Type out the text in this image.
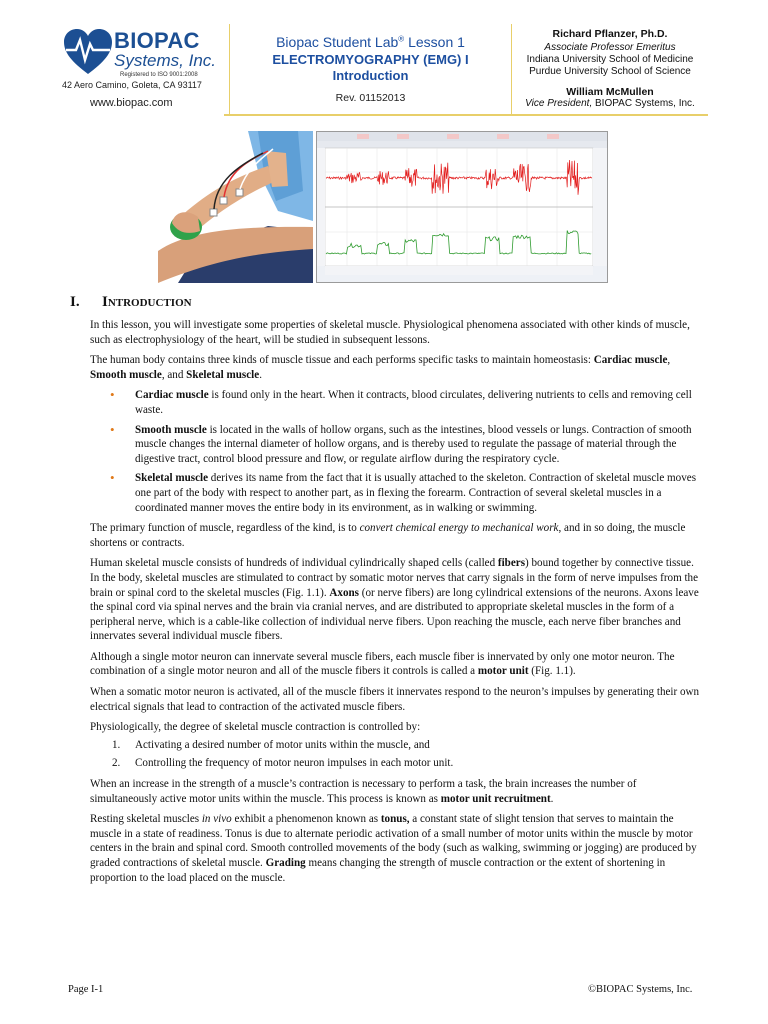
BIOPAC
Systems, Inc.
Registered to ISO 9001:2008
42 Aero Camino, Goleta, CA 93117
www.biopac.com
Biopac Student Lab® Lesson 1
ELECTROMYOGRAPHY (EMG) I
Introduction
Rev. 01152013
Richard Pflanzer, Ph.D.
Associate Professor Emeritus
Indiana University School of Medicine
Purdue University School of Science
William McMullen
Vice President, BIOPAC Systems, Inc.
I. Introduction

In this lesson, you will investigate some properties of skeletal muscle. Physiological phenomena associated with other kinds of muscle, such as electrophysiology of the heart, will be studied in subsequent lessons.

The human body contains three kinds of muscle tissue and each performs specific tasks to maintain homeostasis: Cardiac muscle, Smooth muscle, and Skeletal muscle.

• Cardiac muscle is found only in the heart. When it contracts, blood circulates, delivering nutrients to cells and removing cell waste.
• Smooth muscle is located in the walls of hollow organs, such as the intestines, blood vessels or lungs. Contraction of smooth muscle changes the internal diameter of hollow organs, and is thereby used to regulate the passage of material through the digestive tract, control blood pressure and flow, or regulate airflow during the respiratory cycle.
• Skeletal muscle derives its name from the fact that it is usually attached to the skeleton. Contraction of skeletal muscle moves one part of the body with respect to another part, as in flexing the forearm. Contraction of several skeletal muscles in a coordinated manner moves the entire body in its environment, as in walking or swimming.

The primary function of muscle, regardless of the kind, is to convert chemical energy to mechanical work, and in so doing, the muscle shortens or contracts.

Human skeletal muscle consists of hundreds of individual cylindrically shaped cells (called fibers) bound together by connective tissue. In the body, skeletal muscles are stimulated to contract by somatic motor nerves that carry signals in the form of nerve impulses from the brain or spinal cord to the skeletal muscles (Fig. 1.1). Axons (or nerve fibers) are long cylindrical extensions of the neurons. Axons leave the spinal cord via spinal nerves and the brain via cranial nerves, and are distributed to appropriate skeletal muscles in the form of a peripheral nerve, which is a cable-like collection of individual nerve fibers. Upon reaching the muscle, each nerve fiber branches and innervates several individual muscle fibers.

Although a single motor neuron can innervate several muscle fibers, each muscle fiber is innervated by only one motor neuron. The combination of a single motor neuron and all of the muscle fibers it controls is called a motor unit (Fig. 1.1).

When a somatic motor neuron is activated, all of the muscle fibers it innervates respond to the neuron’s impulses by generating their own electrical signals that lead to contraction of the activated muscle fibers.

Physiologically, the degree of skeletal muscle contraction is controlled by:

1. Activating a desired number of motor units within the muscle, and
2. Controlling the frequency of motor neuron impulses in each motor unit.

When an increase in the strength of a muscle’s contraction is necessary to perform a task, the brain increases the number of simultaneously active motor units within the muscle. This process is known as motor unit recruitment.

Resting skeletal muscles in vivo exhibit a phenomenon known as tonus, a constant state of slight tension that serves to maintain the muscle in a state of readiness. Tonus is due to alternate periodic activation of a small number of motor units within the muscle by motor centers in the brain and spinal cord. Smooth controlled movements of the body (such as walking, swimming or jogging) are produced by graded contractions of skeletal muscle. Grading means changing the strength of muscle contraction or the extent of shortening in proportion to the load placed on the muscle.

Page I-1	©BIOPAC Systems, Inc.
